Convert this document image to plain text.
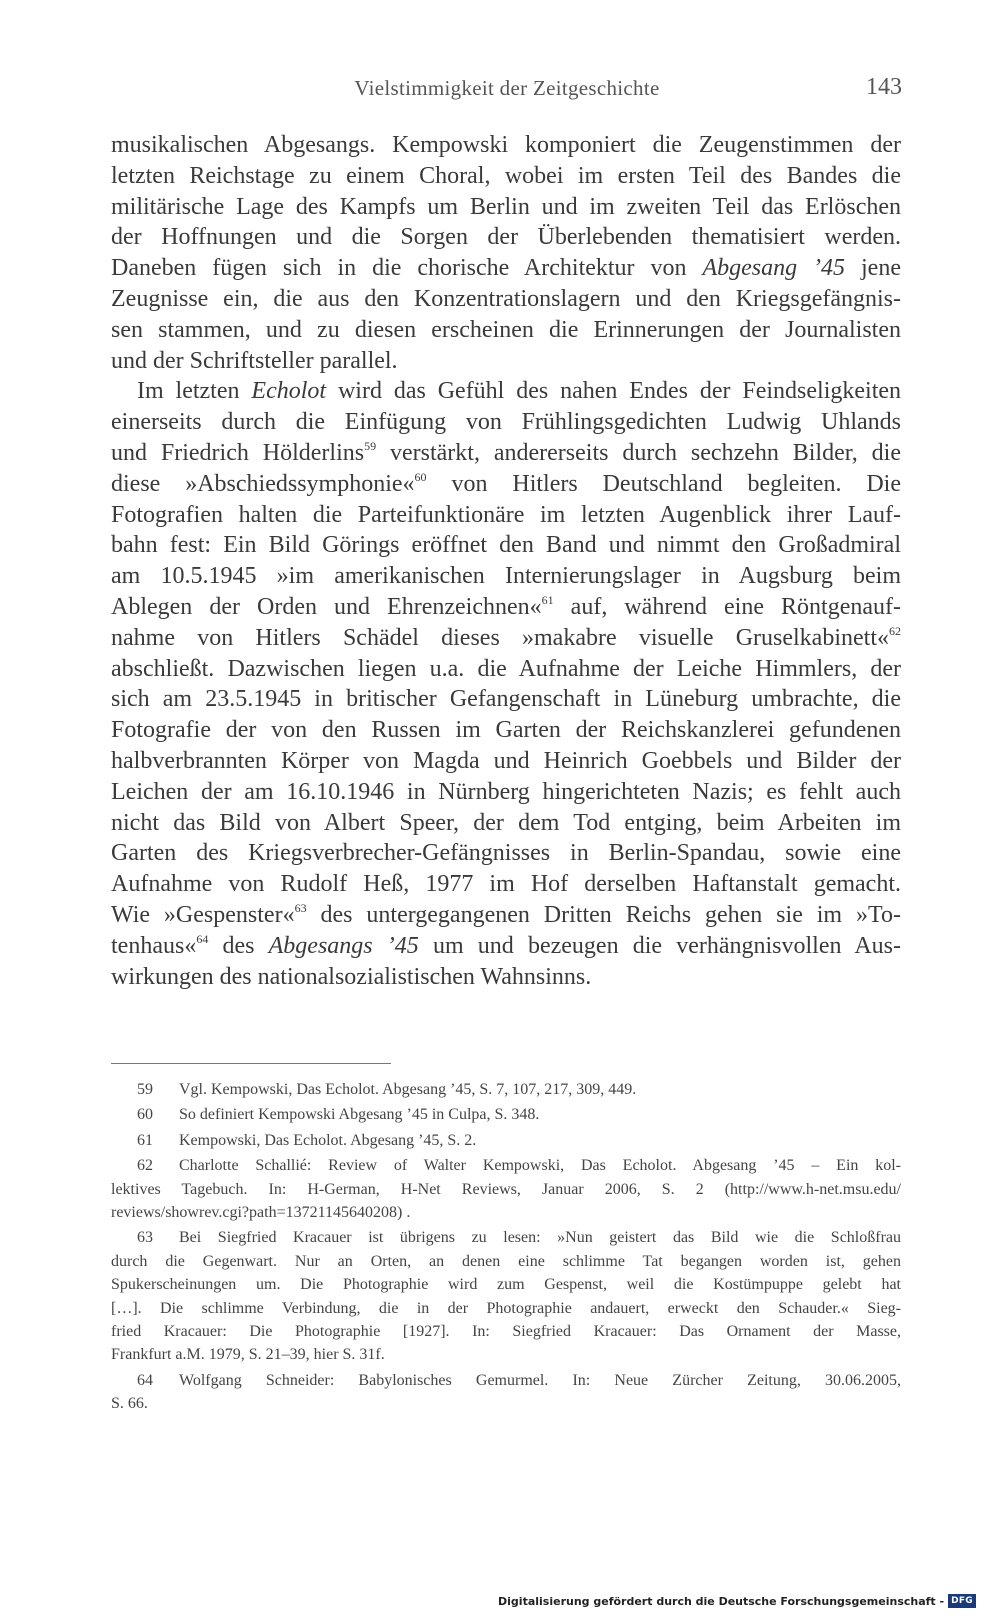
Vielstimmigkeit der Zeitgeschichte	143
musikalischen Abgesangs. Kempowski komponiert die Zeugenstimmen der
letzten Reichstage zu einem Choral, wobei im ersten Teil des Bandes die
militärische Lage des Kampfs um Berlin und im zweiten Teil das Erlöschen
der Hoffnungen und die Sorgen der Überlebenden thematisiert werden.
Daneben fügen sich in die chorische Architektur von Abgesang ’45 jene
Zeugnisse ein, die aus den Konzentrationslagern und den Kriegsgefängnis-
sen stammen, und zu diesen erscheinen die Erinnerungen der Journalisten
und der Schriftsteller parallel.
Im letzten Echolot wird das Gefühl des nahen Endes der Feindseligkeiten
einerseits durch die Einfügung von Frühlingsgedichten Ludwig Uhlands
und Friedrich Hölderlins$^{59}$ verstärkt, andererseits durch sechzehn Bilder, die
diese »Abschiedssymphonie«$^{60}$ von Hitlers Deutschland begleiten. Die
Fotografien halten die Parteifunktionäre im letzten Augenblick ihrer Lauf-
bahn fest: Ein Bild Görings eröffnet den Band und nimmt den Großadmiral
am 10.5.1945 »im amerikanischen Internierungslager in Augsburg beim
Ablegen der Orden und Ehrenzeichnen«$^{61}$ auf, während eine Röntgenauf-
nahme von Hitlers Schädel dieses »makabre visuelle Gruselkabinett«$^{62}$
abschließt. Dazwischen liegen u.a. die Aufnahme der Leiche Himmlers, der
sich am 23.5.1945 in britischer Gefangenschaft in Lüneburg umbrachte, die
Fotografie der von den Russen im Garten der Reichskanzlerei gefundenen
halbverbrannten Körper von Magda und Heinrich Goebbels und Bilder der
Leichen der am 16.10.1946 in Nürnberg hingerichteten Nazis; es fehlt auch
nicht das Bild von Albert Speer, der dem Tod entging, beim Arbeiten im
Garten des Kriegsverbrecher-Gefängnisses in Berlin-Spandau, sowie eine
Aufnahme von Rudolf Heß, 1977 im Hof derselben Haftanstalt gemacht.
Wie »Gespenster«$^{63}$ des untergegangenen Dritten Reichs gehen sie im »To-
tenhaus«$^{64}$ des Abgesangs ’45 um und bezeugen die verhängnisvollen Aus-
wirkungen des nationalsozialistischen Wahnsinns.
59 Vgl. Kempowski, Das Echolot. Abgesang ’45, S. 7, 107, 217, 309, 449.
60 So definiert Kempowski Abgesang ’45 in Culpa, S. 348.
61 Kempowski, Das Echolot. Abgesang ’45, S. 2.
62 Charlotte Schallié: Review of Walter Kempowski, Das Echolot. Abgesang ’45 – Ein kol-
lektives Tagebuch. In: H-German, H-Net Reviews, Januar 2006, S. 2 (http://www.h-net.msu.edu/
reviews/showrev.cgi?path=13721145640208) .
63 Bei Siegfried Kracauer ist übrigens zu lesen: »Nun geistert das Bild wie die Schloßfrau
durch die Gegenwart. Nur an Orten, an denen eine schlimme Tat begangen worden ist, gehen
Spukerscheinungen um. Die Photographie wird zum Gespenst, weil die Kostümpuppe gelebt hat
[…]. Die schlimme Verbindung, die in der Photographie andauert, erweckt den Schauder.« Sieg-
fried Kracauer: Die Photographie [1927]. In: Siegfried Kracauer: Das Ornament der Masse,
Frankfurt a.M. 1979, S. 21–39, hier S. 31f.
64 Wolfgang Schneider: Babylonisches Gemurmel. In: Neue Zürcher Zeitung, 30.06.2005,
S. 66.
Digitalisierung gefördert durch die Deutsche Forschungsgemeinschaft - DFG
